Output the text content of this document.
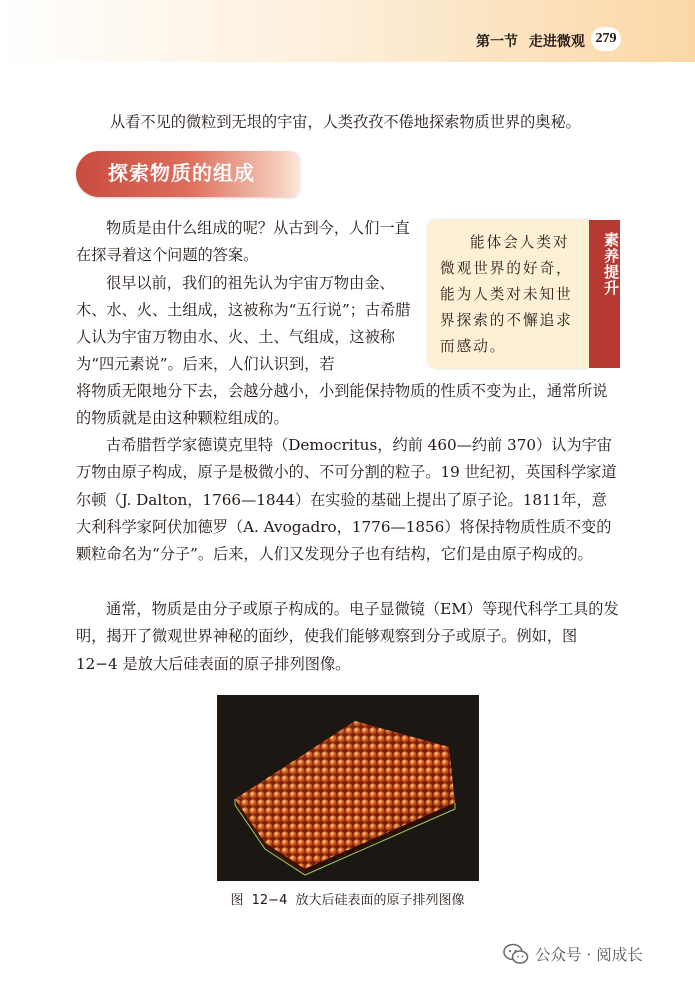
第一节 走进微观 279

从看不见的微粒到无垠的宇宙，人类孜孜不倦地探索物质世界的奥秘。

探索物质的组成

能体会人类对微观世界的好奇，能为人类对未知世界探索的不懈追求而感动。

素养提升

物质是由什么组成的呢？从古到今，人们一直在探寻着这个问题的答案。

很早以前，我们的祖先认为宇宙万物由金、木、水、火、土组成，这被称为“五行说”；古希腊人认为宇宙万物由水、火、土、气组成，这被称为“四元素说”。后来，人们认识到，若

将物质无限地分下去，会越分越小，小到能保持物质的性质不变为止，通常所说的物质就是由这种颗粒组成的。

古希腊哲学家德谟克里特（Democritus，约前 460—约前 370）认为宇宙万物由原子构成，原子是极微小的、不可分割的粒子。19 世纪初，英国科学家道尔顿（J. Dalton，1766—1844）在实验的基础上提出了原子论。1811年，意大利科学家阿伏加德罗（A. Avogadro，1776—1856）将保持物质性质不变的颗粒命名为“分子”。后来，人们又发现分子也有结构，它们是由原子构成的。

通常，物质是由分子或原子构成的。电子显微镜（EM）等现代科学工具的发明，揭开了微观世界神秘的面纱，使我们能够观察到分子或原子。例如，图 12−4 是放大后硅表面的原子排列图像。

图 12−4 放大后硅表面的原子排列图像
公众号 · 阅成长
